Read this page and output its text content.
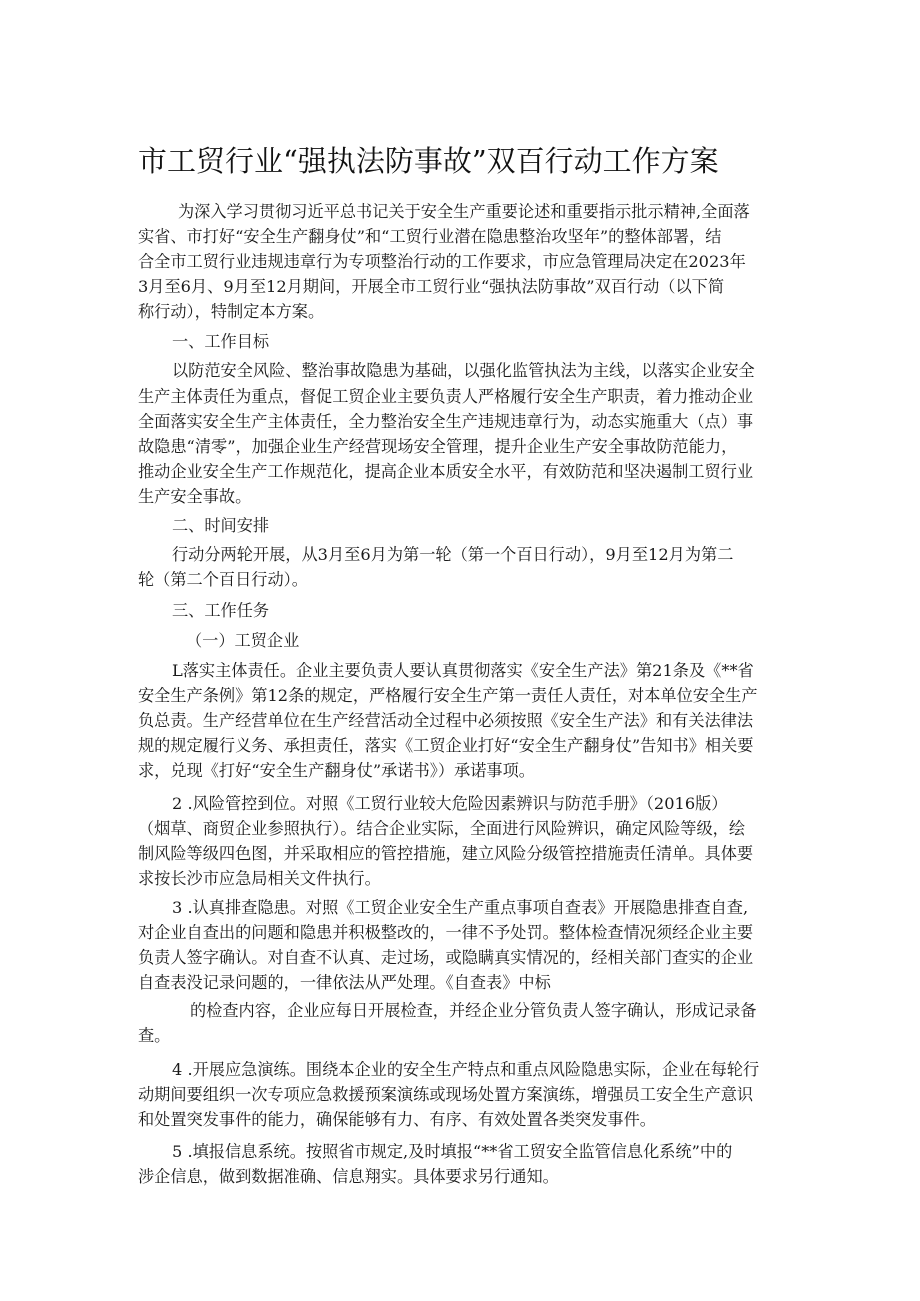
市工贸行业“强执法防事故”双百行动工作方案
为深入学习贯彻习近平总书记关于安全生产重要论述和重要指示批示精神,全面落
实省、市打好“安全生产翻身仗”和“工贸行业潜在隐患整治攻坚年”的整体部署，结
合全市工贸行业违规违章行为专项整治行动的工作要求，市应急管理局决定在2023年
3月至6月、9月至12月期间，开展全市工贸行业“强执法防事故”双百行动（以下简
称行动），特制定本方案。
一、工作目标
以防范安全风险、整治事故隐患为基础，以强化监管执法为主线，以落实企业安全
生产主体责任为重点，督促工贸企业主要负责人严格履行安全生产职责，着力推动企业
全面落实安全生产主体责任，全力整治安全生产违规违章行为，动态实施重大（点）事
故隐患“清零”，加强企业生产经营现场安全管理，提升企业生产安全事故防范能力，
推动企业安全生产工作规范化，提高企业本质安全水平，有效防范和坚决遏制工贸行业
生产安全事故。
二、时间安排
行动分两轮开展，从3月至6月为第一轮（第一个百日行动），9月至12月为第二
轮（第二个百日行动）。
三、工作任务
（一）工贸企业
L落实主体责任。企业主要负责人要认真贯彻落实《安全生产法》第21条及《**省
安全生产条例》第12条的规定，严格履行安全生产第一责任人责任，对本单位安全生产
负总责。生产经营单位在生产经营活动全过程中必须按照《安全生产法》和有关法律法
规的规定履行义务、承担责任，落实《工贸企业打好“安全生产翻身仗”告知书》相关要
求，兑现《打好“安全生产翻身仗”承诺书》）承诺事项。
2 .风险管控到位。对照《工贸行业较大危险因素辨识与防范手册》（2016版）
（烟草、商贸企业参照执行）。结合企业实际，全面进行风险辨识，确定风险等级，绘
制风险等级四色图，并采取相应的管控措施，建立风险分级管控措施责任清单。具体要
求按长沙市应急局相关文件执行。
3 .认真排查隐患。对照《工贸企业安全生产重点事项自查表》开展隐患排查自查,
对企业自查出的问题和隐患并积极整改的，一律不予处罚。整体检查情况须经企业主要
负责人签字确认。对自查不认真、走过场，或隐瞒真实情况的，经相关部门查实的企业
自查表没记录问题的，一律依法从严处理。《自查表》中标
的检查内容，企业应每日开展检查，并经企业分管负责人签字确认，形成记录备
查。
4 .开展应急演练。围绕本企业的安全生产特点和重点风险隐患实际，企业在每轮行
动期间要组织一次专项应急救援预案演练或现场处置方案演练，增强员工安全生产意识
和处置突发事件的能力，确保能够有力、有序、有效处置各类突发事件。
5 .填报信息系统。按照省市规定,及时填报“**省工贸安全监管信息化系统”中的
涉企信息，做到数据准确、信息翔实。具体要求另行通知。
